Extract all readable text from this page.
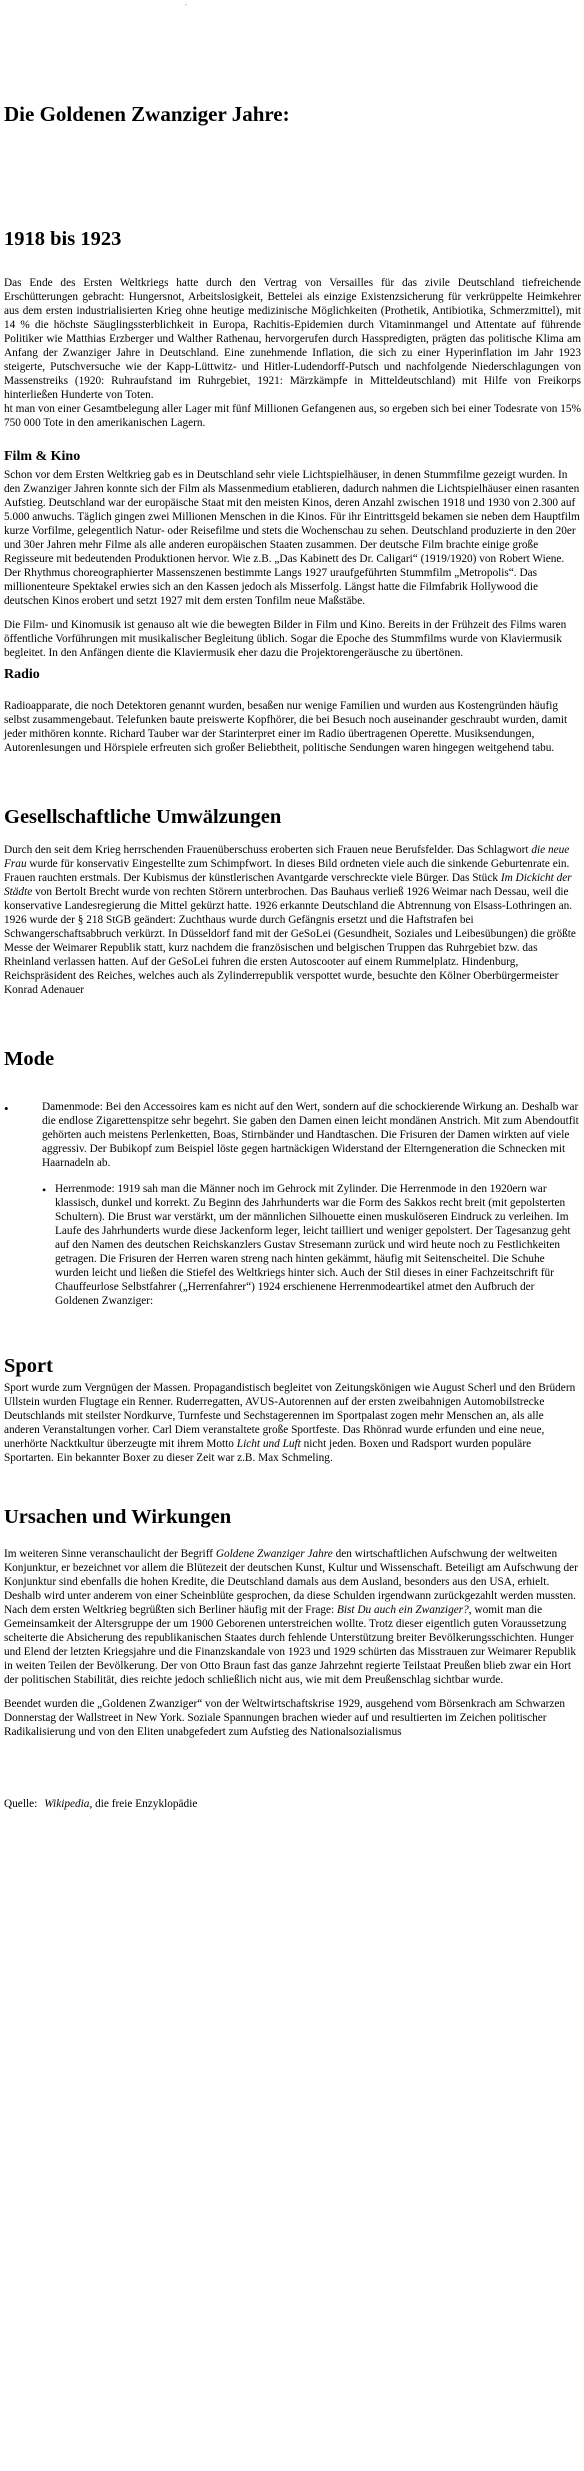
,
Die Goldenen Zwanziger Jahre:
1918 bis 1923

Das Ende des Ersten Weltkriegs hatte durch den Vertrag von Versailles für das zivile Deutschland tiefreichende Erschütterungen gebracht: Hungersnot, Arbeitslosigkeit, Bettelei als einzige Existenzsicherung für verkrüppelte Heimkehrer aus dem ersten industrialisierten Krieg ohne heutige medizinische Möglichkeiten (Prothetik, Antibiotika, Schmerzmittel), mit 14 % die höchste Säuglingssterblichkeit in Europa, Rachitis-Epidemien durch Vitaminmangel und Attentate auf führende Politiker wie Matthias Erzberger und Walther Rathenau, hervorgerufen durch Hasspredigten, prägten das politische Klima am Anfang der Zwanziger Jahre in Deutschland. Eine zunehmende Inflation, die sich zu einer Hyperinflation im Jahr 1923 steigerte, Putschversuche wie der Kapp-Lüttwitz- und Hitler-Ludendorff-Putsch und nachfolgende Niederschlagungen von Massenstreiks (1920: Ruhraufstand im Ruhrgebiet, 1921: Märzkämpfe in Mitteldeutschland) mit Hilfe von Freikorps hinterließen Hunderte von Toten.

ht man von einer Gesamtbelegung aller Lager mit fünf Millionen Gefangenen aus, so ergeben sich bei einer Todesrate von 15% 750 000 Tote in den amerikanischen Lagern.

Film & Kino

Schon vor dem Ersten Weltkrieg gab es in Deutschland sehr viele Lichtspielhäuser, in denen Stummfilme gezeigt wurden. In den Zwanziger Jahren konnte sich der Film als Massenmedium etablieren, dadurch nahmen die Lichtspielhäuser einen rasanten Aufstieg. Deutschland war der europäische Staat mit den meisten Kinos, deren Anzahl zwischen 1918 und 1930 von 2.300 auf 5.000 anwuchs. Täglich gingen zwei Millionen Menschen in die Kinos. Für ihr Eintrittsgeld bekamen sie neben dem Hauptfilm kurze Vorfilme, gelegentlich Natur- oder Reisefilme und stets die Wochenschau zu sehen. Deutschland produzierte in den 20er und 30er Jahren mehr Filme als alle anderen europäischen Staaten zusammen. Der deutsche Film brachte einige große Regisseure mit bedeutenden Produktionen hervor. Wie z.B. „Das Kabinett des Dr. Caligari“ (1919/1920) von Robert Wiene. Der Rhythmus choreographierter Massenszenen bestimmte Langs 1927 uraufgeführten Stummfilm „Metropolis“. Das millionenteure Spektakel erwies sich an den Kassen jedoch als Misserfolg. Längst hatte die Filmfabrik Hollywood die deutschen Kinos erobert und setzt 1927 mit dem ersten Tonfilm neue Maßstäbe.

Die Film- und Kinomusik ist genauso alt wie die bewegten Bilder in Film und Kino. Bereits in der Frühzeit des Films waren öffentliche Vorführungen mit musikalischer Begleitung üblich. Sogar die Epoche des Stummfilms wurde von Klaviermusik begleitet. In den Anfängen diente die Klaviermusik eher dazu die Projektorengeräusche zu übertönen.

Radio

Radioapparate, die noch Detektoren genannt wurden, besaßen nur wenige Familien und wurden aus Kostengründen häufig selbst zusammengebaut. Telefunken baute preiswerte Kopfhörer, die bei Besuch noch auseinander geschraubt wurden, damit jeder mithören konnte. Richard Tauber war der Starinterpret einer im Radio übertragenen Operette. Musiksendungen, Autorenlesungen und Hörspiele erfreuten sich großer Beliebtheit, politische Sendungen waren hingegen weitgehend tabu.

Gesellschaftliche Umwälzungen

Durch den seit dem Krieg herrschenden Frauenüberschuss eroberten sich Frauen neue Berufsfelder. Das Schlagwort die neue Frau wurde für konservativ Eingestellte zum Schimpfwort. In dieses Bild ordneten viele auch die sinkende Geburtenrate ein. Frauen rauchten erstmals. Der Kubismus der künstlerischen Avantgarde verschreckte viele Bürger. Das Stück Im Dickicht der Städte von Bertolt Brecht wurde von rechten Störern unterbrochen. Das Bauhaus verließ 1926 Weimar nach Dessau, weil die konservative Landesregierung die Mittel gekürzt hatte. 1926 erkannte Deutschland die Abtrennung von Elsass-Lothringen an. 1926 wurde der § 218 StGB geändert: Zuchthaus wurde durch Gefängnis ersetzt und die Haftstrafen bei Schwangerschaftsabbruch verkürzt. In Düsseldorf fand mit der GeSoLei (Gesundheit, Soziales und Leibesübungen) die größte Messe der Weimarer Republik statt, kurz nachdem die französischen und belgischen Truppen das Ruhrgebiet bzw. das Rheinland verlassen hatten. Auf der GeSoLei fuhren die ersten Autoscooter auf einem Rummelplatz. Hindenburg, Reichspräsident des Reiches, welches auch als Zylinderrepublik verspottet wurde, besuchte den Kölner Oberbürgermeister Konrad Adenauer

Mode
•	Damenmode: Bei den Accessoires kam es nicht auf den Wert, sondern auf die schockierende Wirkung an. Deshalb war die endlose Zigarettenspitze sehr begehrt. Sie gaben den Damen einen leicht mondänen Anstrich. Mit zum Abendoutfit gehörten auch meistens Perlenketten, Boas, Stirnbänder und Handtaschen. Die Frisuren der Damen wirkten auf viele aggressiv. Der Bubikopf zum Beispiel löste gegen hartnäckigen Widerstand der Elterngeneration die Schnecken mit Haarnadeln ab.
• Herrenmode: 1919 sah man die Männer noch im Gehrock mit Zylinder. Die Herrenmode in den 1920ern war klassisch, dunkel und korrekt. Zu Beginn des Jahrhunderts war die Form des Sakkos recht breit (mit gepolsterten Schultern). Die Brust war verstärkt, um der männlichen Silhouette einen muskulöseren Eindruck zu verleihen. Im Laufe des Jahrhunderts wurde diese Jackenform leger, leicht tailliert und weniger gepolstert. Der Tagesanzug geht auf den Namen des deutschen Reichskanzlers Gustav Stresemann zurück und wird heute noch zu Festlichkeiten getragen. Die Frisuren der Herren waren streng nach hinten gekämmt, häufig mit Seitenscheitel. Die Schuhe wurden leicht und ließen die Stiefel des Weltkriegs hinter sich. Auch der Stil dieses in einer Fachzeitschrift für Chauffeurlose Selbstfahrer („Herrenfahrer“) 1924 erschienene Herrenmodeartikel atmet den Aufbruch der Goldenen Zwanziger:
Sport

Sport wurde zum Vergnügen der Massen. Propagandistisch begleitet von Zeitungskönigen wie August Scherl und den Brüdern Ullstein wurden Flugtage ein Renner. Ruderregatten, AVUS-Autorennen auf der ersten zweibahnigen Automobilstrecke Deutschlands mit steilster Nordkurve, Turnfeste und Sechstagerennen im Sportpalast zogen mehr Menschen an, als alle anderen Veranstaltungen vorher. Carl Diem veranstaltete große Sportfeste. Das Rhönrad wurde erfunden und eine neue, unerhörte Nacktkultur überzeugte mit ihrem Motto Licht und Luft nicht jeden. Boxen und Radsport wurden populäre Sportarten. Ein bekannter Boxer zu dieser Zeit war z.B. Max Schmeling.

Ursachen und Wirkungen

Im weiteren Sinne veranschaulicht der Begriff Goldene Zwanziger Jahre den wirtschaftlichen Aufschwung der weltweiten Konjunktur, er bezeichnet vor allem die Blütezeit der deutschen Kunst, Kultur und Wissenschaft. Beteiligt am Aufschwung der Konjunktur sind ebenfalls die hohen Kredite, die Deutschland damals aus dem Ausland, besonders aus den USA, erhielt. Deshalb wird unter anderem von einer Scheinblüte gesprochen, da diese Schulden irgendwann zurückgezahlt werden mussten. Nach dem ersten Weltkrieg begrüßten sich Berliner häufig mit der Frage: Bist Du auch ein Zwanziger?, womit man die Gemeinsamkeit der Altersgruppe der um 1900 Geborenen unterstreichen wollte. Trotz dieser eigentlich guten Voraussetzung scheiterte die Absicherung des republikanischen Staates durch fehlende Unterstützung breiter Bevölkerungsschichten. Hunger und Elend der letzten Kriegsjahre und die Finanzskandale von 1923 und 1929 schürten das Misstrauen zur Weimarer Republik in weiten Teilen der Bevölkerung. Der von Otto Braun fast das ganze Jahrzehnt regierte Teilstaat Preußen blieb zwar ein Hort der politischen Stabilität, dies reichte jedoch schließlich nicht aus, wie mit dem Preußenschlag sichtbar wurde.

Beendet wurden die „Goldenen Zwanziger“ von der Weltwirtschaftskrise 1929, ausgehend vom Börsenkrach am Schwarzen Donnerstag der Wallstreet in New York. Soziale Spannungen brachen wieder auf und resultierten im Zeichen politischer Radikalisierung und von den Eliten unabgefedert zum Aufstieg des Nationalsozialismus

Quelle: Wikipedia, die freie Enzyklopädie
